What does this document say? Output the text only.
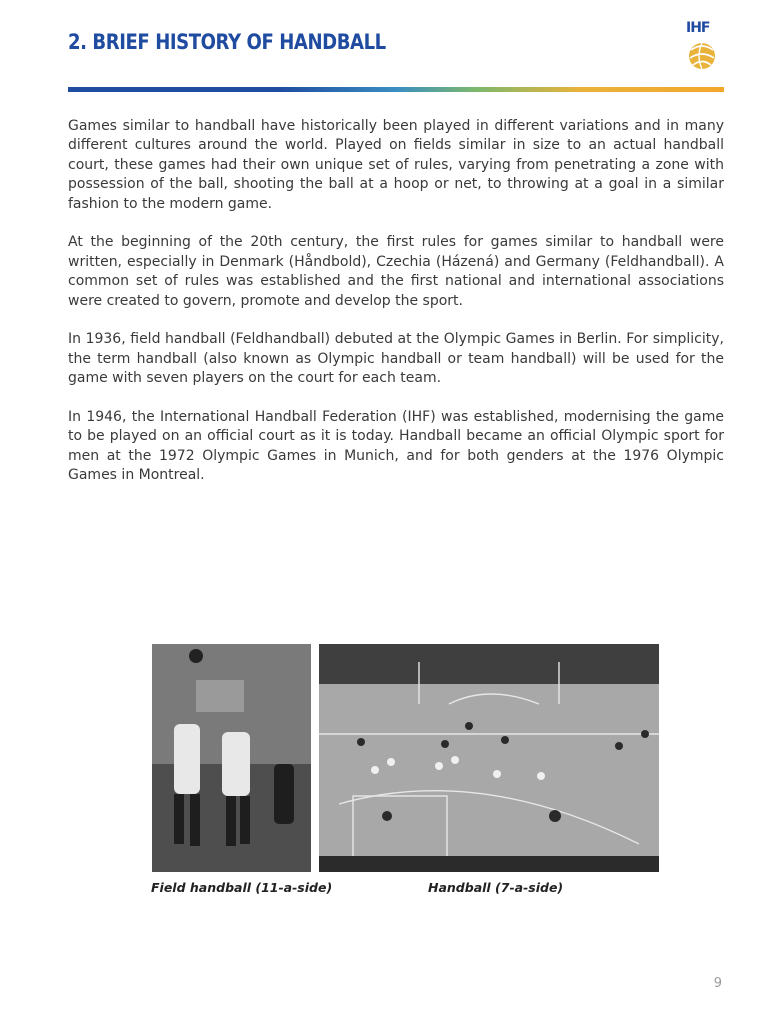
2. BRIEF HISTORY OF HANDBALL
IHF

Games similar to handball have historically been played in different variations and in many different cultures around the world. Played on fields similar in size to an actual handball court, these games had their own unique set of rules, varying from penetrating a zone with possession of the ball, shooting the ball at a hoop or net, to throwing at a goal in a similar fashion to the modern game.

At the beginning of the 20th century, the first rules for games similar to handball were written, especially in Denmark (Håndbold), Czechia (Házená) and Germany (Feldhandball). A common set of rules was established and the first national and international associations were created to govern, promote and develop the sport.

In 1936, field handball (Feldhandball) debuted at the Olympic Games in Berlin. For simplicity, the term handball (also known as Olympic handball or team handball) will be used for the game with seven players on the court for each team.

In 1946, the International Handball Federation (IHF) was established, modernising the game to be played on an official court as it is today. Handball became an official Olympic sport for men at the 1972 Olympic Games in Munich, and for both genders at the 1976 Olympic Games in Montreal.

Field handball (11-a-side)	Handball (7-a-side)
9
